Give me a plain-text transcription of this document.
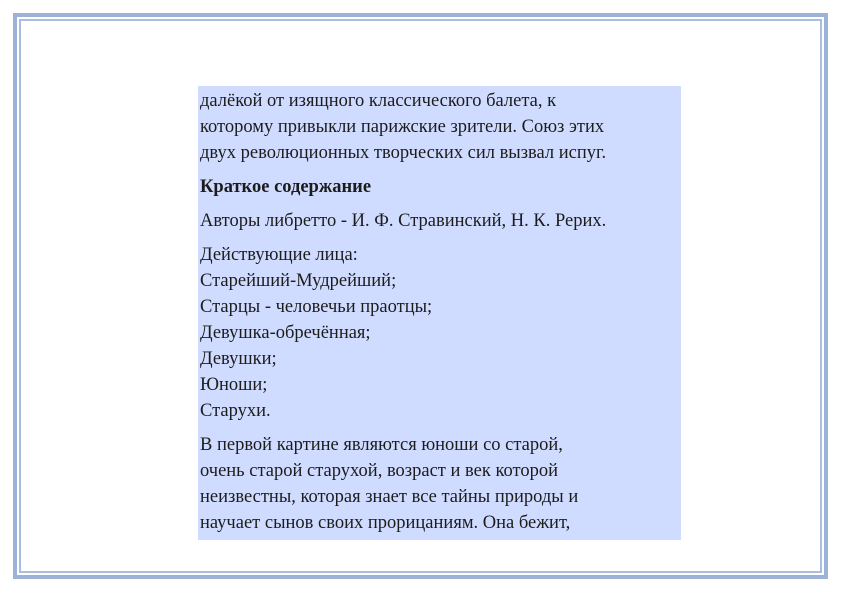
далёкой от изящного классического балета, к
которому привыкли парижские зрители. Союз этих
двух революционных творческих сил вызвал испуг.

Краткое содержание

Авторы либретто - И. Ф. Стравинский, Н. К. Рерих.

Действующие лица:
Старейший-Мудрейший;
Старцы - человечьи праотцы;
Девушка-обречённая;
Девушки;
Юноши;
Старухи.

В первой картине являются юноши со старой,
очень старой старухой, возраст и век которой
неизвестны, которая знает все тайны природы и
научает сынов своих прорицаниям. Она бежит,
